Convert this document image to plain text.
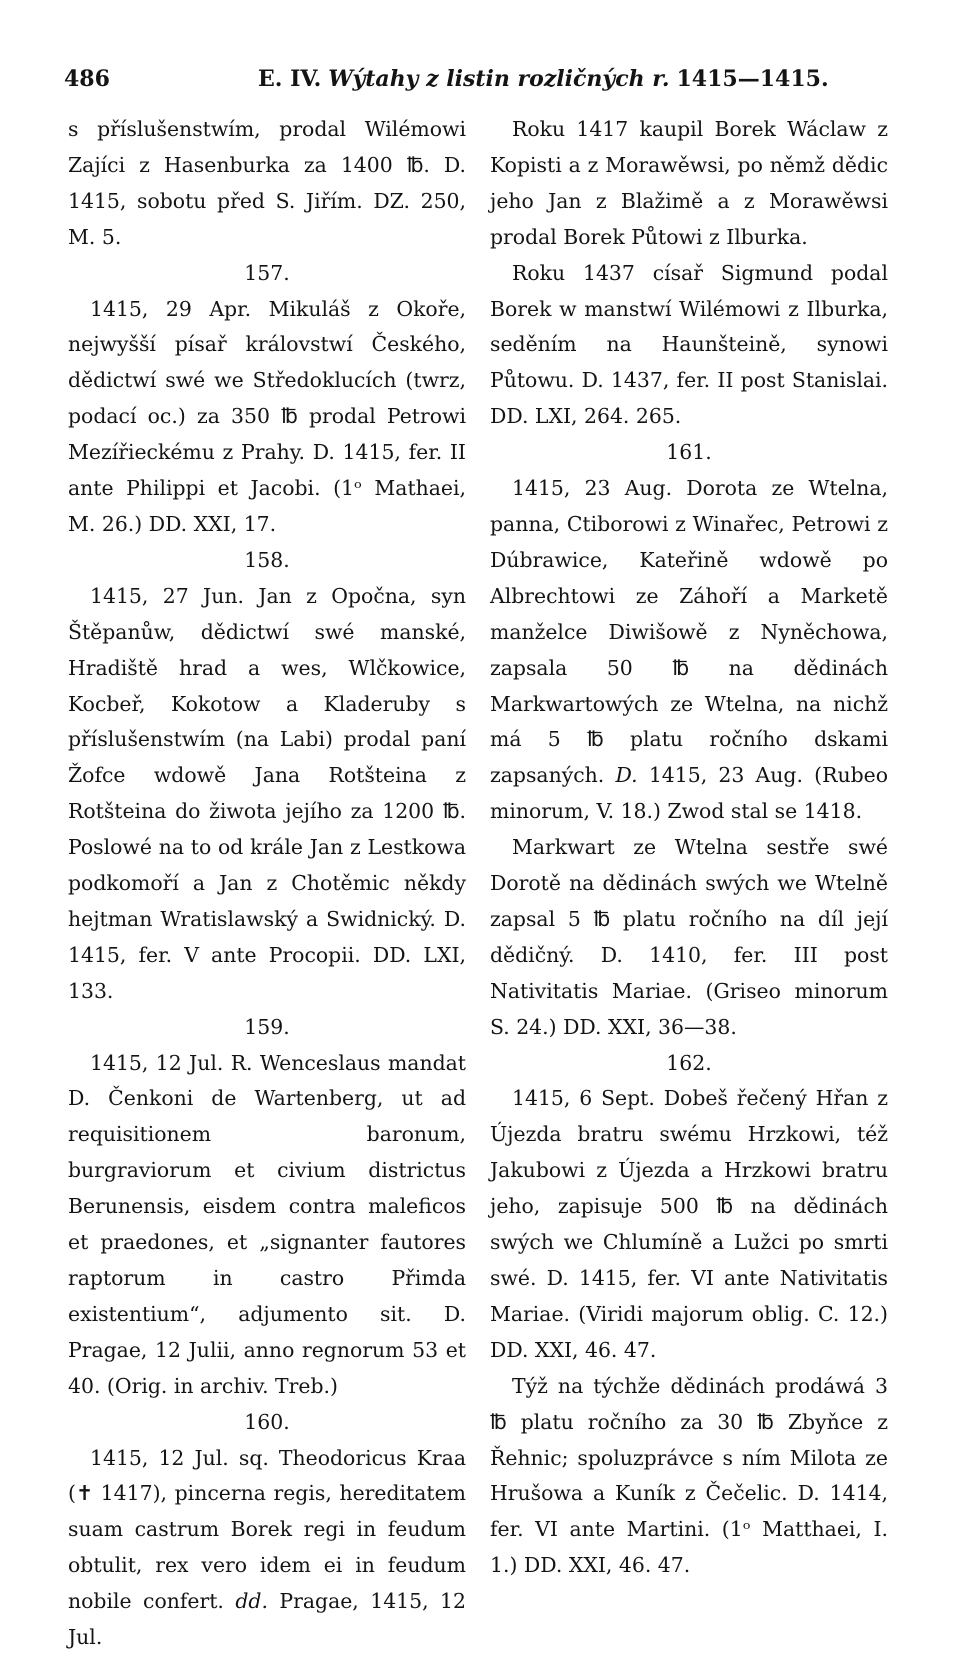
486	E. IV. Wýtahy z listin rozličných r. 1415—1415.

s příslušenstwím, prodal Wilémowi Zajíci z Hasenburka za 1400 ℔. D. 1415, sobotu před S. Jiřím. DZ. 250, M. 5.

157.

1415, 29 Apr. Mikuláš z Okoře, nejwyšší písař královstwí Českého, dědictwí swé we Středoklucích (twrz, podací oc.) za 350 ℔ prodal Petrowi Mezířieckému z Prahy. D. 1415, fer. II ante Philippi et Jacobi. (1ᵒ Mathaei, M. 26.) DD. XXI, 17.

158.

1415, 27 Jun. Jan z Opočna, syn Štěpanůw, dědictwí swé manské, Hradiště hrad a wes, Wlčkowice, Kocbeř, Kokotow a Kladeruby s příslušenstwím (na Labi) prodal paní Žofce wdowě Jana Rotšteina z Rotšteina do žiwota jejího za 1200 ℔. Poslowé na to od krále Jan z Lestkowa podkomoří a Jan z Chotěmic někdy hejtman Wratislawský a Swidnický. D. 1415, fer. V ante Procopii. DD. LXI, 133.

159.

1415, 12 Jul. R. Wenceslaus mandat D. Čenkoni de Wartenberg, ut ad requisitionem baronum, burgraviorum et civium districtus Berunensis, eisdem contra maleficos et praedones, et „signanter fautores raptorum in castro Přimda existentium“, adjumento sit. D. Pragae, 12 Julii, anno regnorum 53 et 40. (Orig. in archiv. Treb.)

160.

1415, 12 Jul. sq. Theodoricus Kraa (✝ 1417), pincerna regis, hereditatem suam castrum Borek regi in feudum obtulit, rex vero idem ei in feudum nobile confert. dd. Pragae, 1415, 12 Jul.

Roku 1417 kaupil Borek Wáclaw z Kopisti a z Morawěwsi, po němž dědic jeho Jan z Blažimě a z Morawěwsi prodal Borek Půtowi z Ilburka.

Roku 1437 císař Sigmund podal Borek w manstwí Wilémowi z Ilburka, seděním na Haunšteině, synowi Půtowu. D. 1437, fer. II post Stanislai. DD. LXI, 264. 265.

161.

1415, 23 Aug. Dorota ze Wtelna, panna, Ctiborowi z Winařec, Petrowi z Dúbrawice, Kateřině wdowě po Albrechtowi ze Záhoří a Marketě manželce Diwišowě z Nyněchowa, zapsala 50 ℔ na dědinách Markwartowých ze Wtelna, na nichž má 5 ℔ platu ročního dskami zapsaných. D. 1415, 23 Aug. (Rubeo minorum, V. 18.) Zwod stal se 1418.

Markwart ze Wtelna sestře swé Dorotě na dědinách swých we Wtelně zapsal 5 ℔ platu ročního na díl její dědičný. D. 1410, fer. III post Nativitatis Mariae. (Griseo minorum S. 24.) DD. XXI, 36—38.

162.

1415, 6 Sept. Dobeš řečený Hřan z Újezda bratru swému Hrzkowi, též Jakubowi z Újezda a Hrzkowi bratru jeho, zapisuje 500 ℔ na dědinách swých we Chlumíně a Lužci po smrti swé. D. 1415, fer. VI ante Nativitatis Mariae. (Viridi majorum oblig. C. 12.) DD. XXI, 46. 47.

Týž na týchže dědinách prodáwá 3 ℔ platu ročního za 30 ℔ Zbyňce z Řehnic; spoluzprávce s ním Milota ze Hrušowa a Kuník z Čečelic. D. 1414, fer. VI ante Martini. (1ᵒ Matthaei, I. 1.) DD. XXI, 46. 47.
